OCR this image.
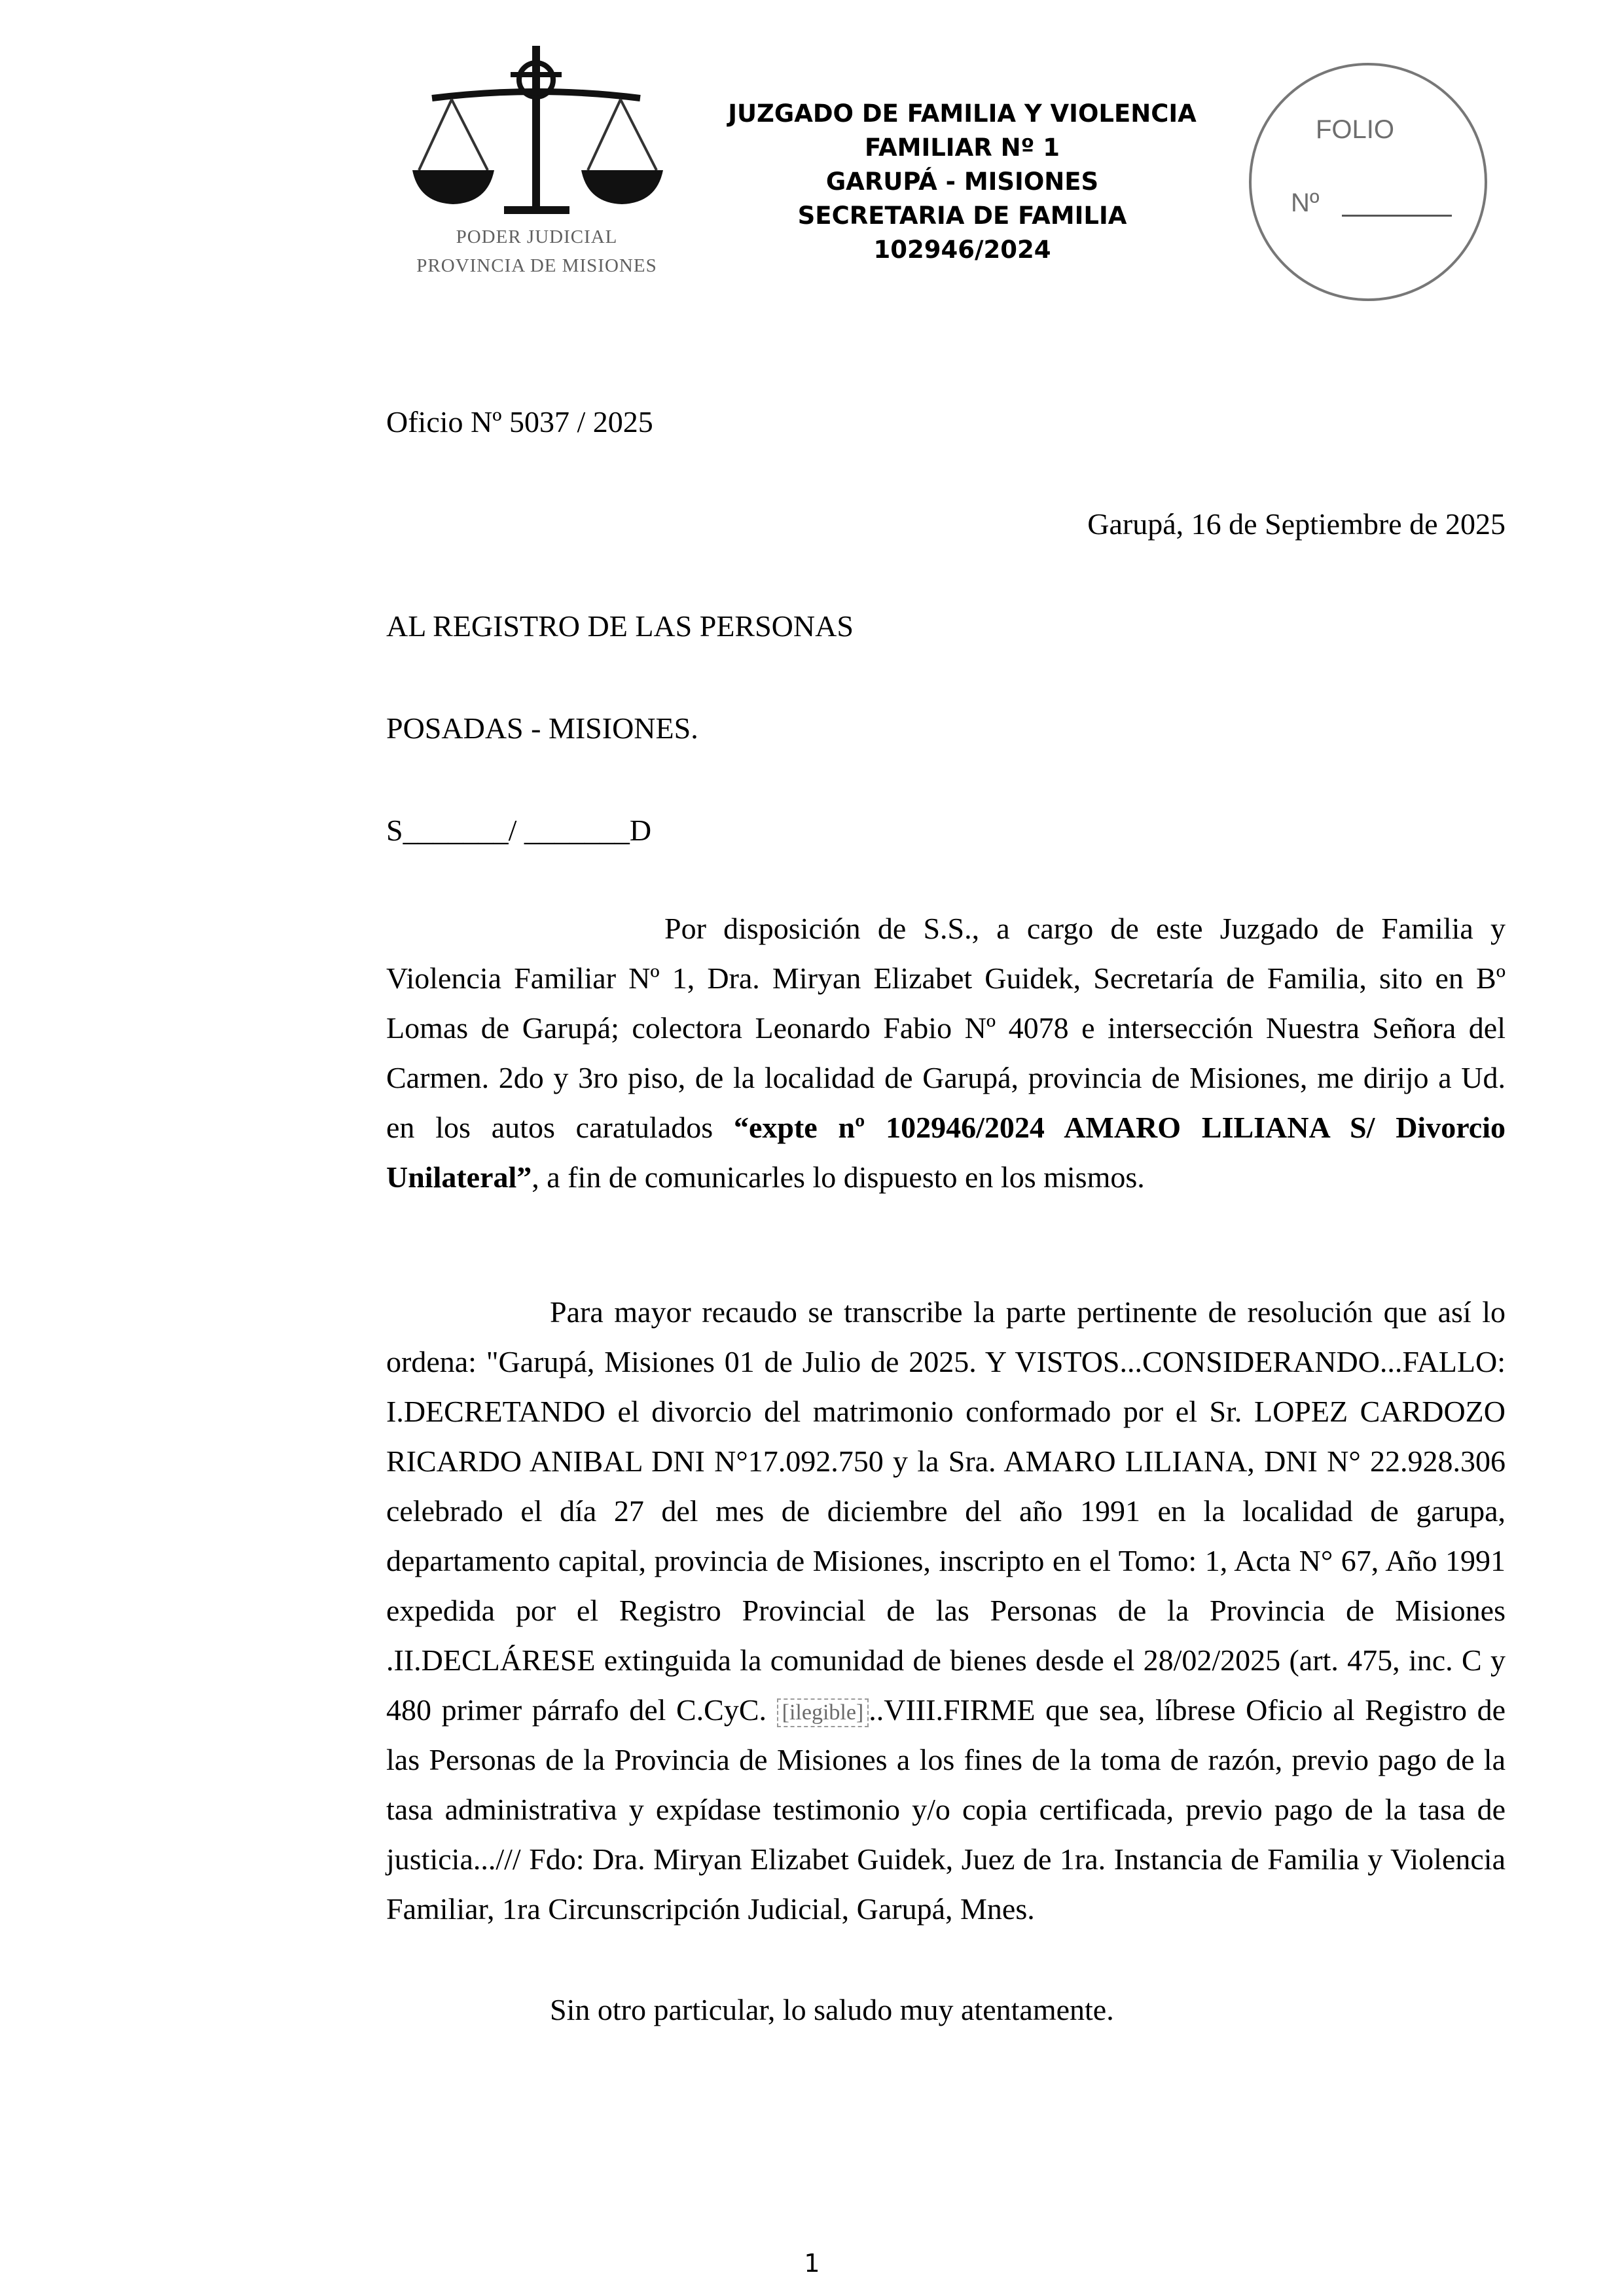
PODER JUDICIAL
PROVINCIA DE MISIONES
JUZGADO DE FAMILIA Y VIOLENCIA
FAMILIAR Nº 1
GARUPÁ - MISIONES
SECRETARIA DE FAMILIA
102946/2024
FOLIO
Nº
Oficio Nº 5037 / 2025
Garupá, 16 de Septiembre de 2025
AL REGISTRO DE LAS PERSONAS
POSADAS - MISIONES.
S_______/ _______D

Por disposición de S.S., a cargo de este Juzgado de Familia y Violencia Familiar Nº 1, Dra. Miryan Elizabet Guidek, Secretaría de Familia, sito en Bº Lomas de Garupá; colectora Leonardo Fabio Nº 4078 e intersección Nuestra Señora del Carmen. 2do y 3ro piso, de la localidad de Garupá, provincia de Misiones, me dirijo a Ud. en los autos caratulados “expte nº 102946/2024 AMARO LILIANA S/ Divorcio Unilateral”, a fin de comunicarles lo dispuesto en los mismos.

Para mayor recaudo se transcribe la parte pertinente de resolución que así lo ordena: "Garupá, Misiones 01 de Julio de 2025. Y VISTOS...CONSIDERANDO...FALLO: I.DECRETANDO el divorcio del matrimonio conformado por el Sr. LOPEZ CARDOZO RICARDO ANIBAL DNI N°17.092.750 y la Sra. AMARO LILIANA, DNI N° 22.928.306 celebrado el día 27 del mes de diciembre del año 1991 en la localidad de garupa, departamento capital, provincia de Misiones, inscripto en el Tomo: 1, Acta N° 67, Año 1991 expedida por el Registro Provincial de las Personas de la Provincia de Misiones .II.DECLÁRESE extinguida la comunidad de bienes desde el 28/02/2025 (art. 475, inc. C y 480 primer párrafo del C.CyC. [ilegible] ..VIII.FIRME que sea, líbrese Oficio al Registro de las Personas de la Provincia de Misiones a los fines de la toma de razón, previo pago de la tasa administrativa y expídase testimonio y/o copia certificada, previo pago de la tasa de justicia.../// Fdo: Dra. Miryan Elizabet Guidek, Juez de 1ra. Instancia de Familia y Violencia Familiar, 1ra Circunscripción Judicial, Garupá, Mnes.

Sin otro particular, lo saludo muy atentamente.
1
